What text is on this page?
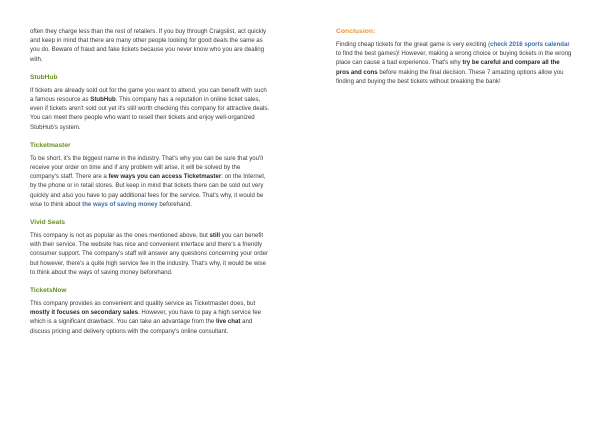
often they charge less than the rest of retailers. If you buy through Craigslist, act quickly and keep in mind that there are many other people looking for good deals the same as you do. Beware of fraud and fake tickets because you never know who you are dealing with.

StubHub

If tickets are already sold out for the game you want to attend, you can benefit with such a famous resource as StubHub. This company has a reputation in online ticket sales, even if tickets aren't sold out yet it's still worth checking this company for attractive deals. You can meet there people who want to resell their tickets and enjoy well-organized StubHub's system.

Ticketmaster

To be short, it's the biggest name in the industry. That's why you can be sure that you'll receive your order on time and if any problem will arise, it will be solved by the company's staff. There are a few ways you can access Ticketmaster: on the Internet, by the phone or in retail stores. But keep in mind that tickets there can be sold out very quickly and also you have to pay additional fees for the service. That's why, it would be wise to think about the ways of saving money beforehand.

Vivid Seats

This company is not as popular as the ones mentioned above, but still you can benefit with their service. The website has nice and convenient interface and there's a friendly consumer support. The company's staff will answer any questions concerning your order but however, there's a quite high service fee in the industry. That's why, it would be wise to think about the ways of saving money beforehand.

TicketsNow

This company provides as convenient and quality service as Ticketmaster does, but mostly it focuses on secondary sales. However, you have to pay a high service fee which is a significant drawback. You can take an advantage from the live chat and discuss pricing and delivery options with the company's online consultant.

Conclusion:

Finding cheap tickets for the great game is very exciting (check 2016 sports calendar to find the best games)! However, making a wrong choice or buying tickets in the wrong place can cause a bad experience. That's why try be careful and compare all the pros and cons before making the final decision. These 7 amazing options allow you finding and buying the best tickets without breaking the bank!
